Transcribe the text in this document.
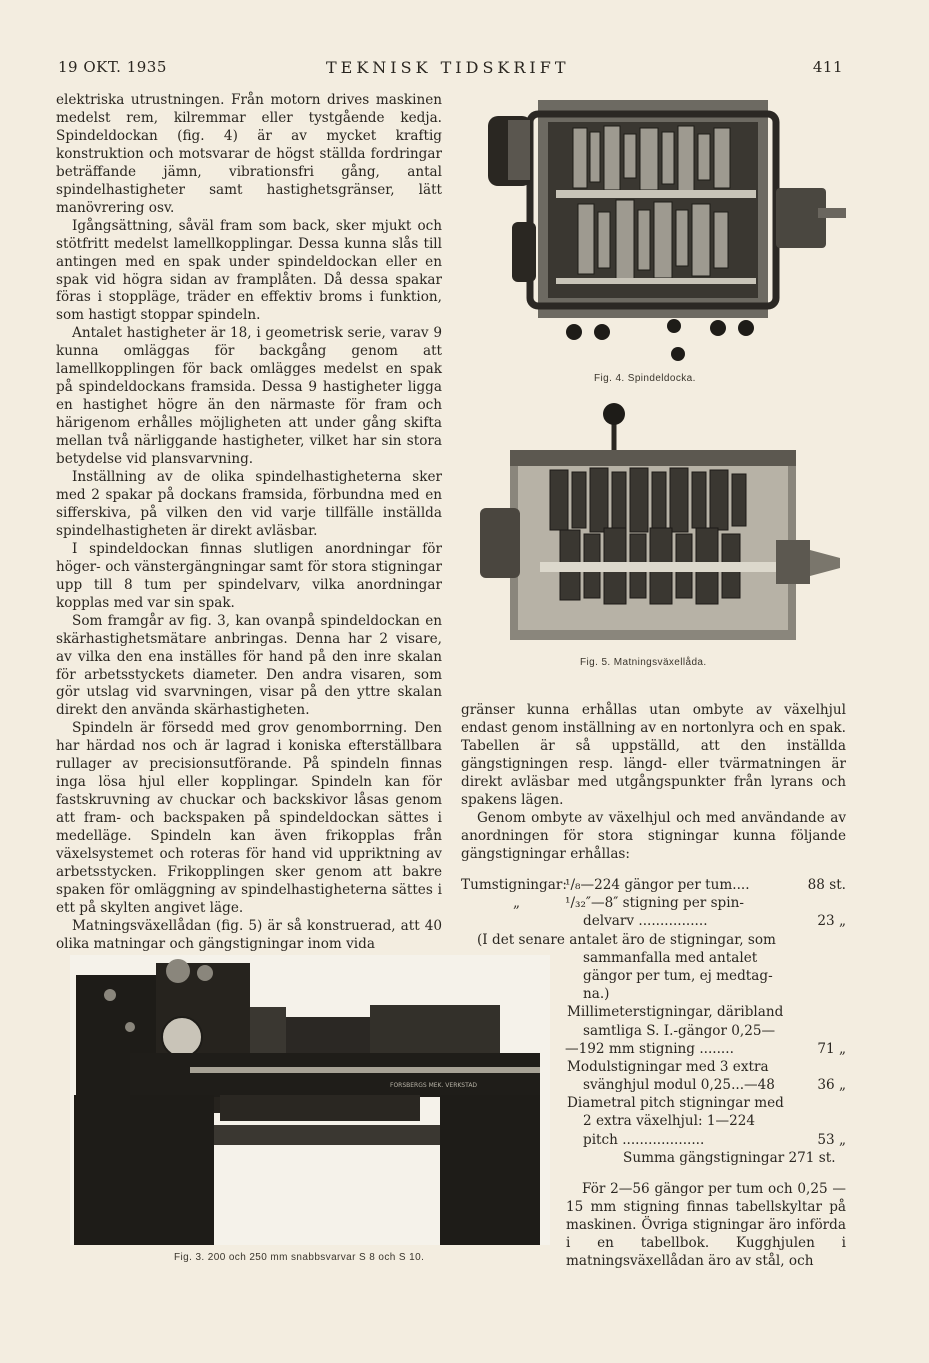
19 OKT. 1935	TEKNISK TIDSKRIFT	411

elektriska utrustningen. Från motorn drives maskinen medelst rem, kilremmar eller tystgående kedja. Spindeldockan (fig. 4) är av mycket kraftig konstruktion och motsvarar de högst ställda fordringar beträffande jämn, vibrationsfri gång, antal spindelhastigheter samt hastighetsgränser, lätt manövrering osv.

Igångsättning, såväl fram som back, sker mjukt och stötfritt medelst lamellkopplingar. Dessa kunna slås till antingen med en spak under spindeldockan eller en spak vid högra sidan av framplåten. Då dessa spakar föras i stoppläge, träder en effektiv broms i funktion, som hastigt stoppar spindeln.

Antalet hastigheter är 18, i geometrisk serie, varav 9 kunna omläggas för backgång genom att lamellkopplingen för back omlägges medelst en spak på spindeldockans framsida. Dessa 9 hastigheter ligga en hastighet högre än den närmaste för fram och härigenom erhålles möjligheten att under gång skifta mellan två närliggande hastigheter, vilket har sin stora betydelse vid plansvarvning.

Inställning av de olika spindelhastigheterna sker med 2 spakar på dockans framsida, förbundna med en sifferskiva, på vilken den vid varje tillfälle inställda spindelhastigheten är direkt avläsbar.

I spindeldockan finnas slutligen anordningar för höger- och vänstergängningar samt för stora stigningar upp till 8 tum per spindelvarv, vilka anordningar kopplas med var sin spak.

Som framgår av fig. 3, kan ovanpå spindeldockan en skärhastighetsmätare anbringas. Denna har 2 visare, av vilka den ena inställes för hand på den inre skalan för arbetsstyckets diameter. Den andra visaren, som gör utslag vid svarvningen, visar på den yttre skalan direkt den använda skärhastigheten.

Spindeln är försedd med grov genomborrning. Den har härdad nos och är lagrad i koniska efterställbara rullager av precisionsutförande. På spindeln finnas inga lösa hjul eller kopplingar. Spindeln kan för fastskruvning av chuckar och backskivor låsas genom att fram- och backspaken på spindeldockan sättes i medelläge. Spindeln kan även frikopplas från växelsystemet och roteras för hand vid uppriktning av arbetsstycken. Frikopplingen sker genom att bakre spaken för omläggning av spindelhastigheterna sättes i ett på skylten angivet läge.

Matningsväxellådan (fig. 5) är så konstruerad, att 40 olika matningar och gängstigningar inom vida

Fig. 4. Spindeldocka.
Fig. 5. Matningsväxellåda.

gränser kunna erhållas utan ombyte av växelhjul endast genom inställning av en nortonlyra och en spak. Tabellen är så uppställd, att den inställda gängstigningen resp. längd- eller tvärmatningen är direkt avläsbar med utgångspunkter från lyrans och spakens lägen.

Genom ombyte av växelhjul och med användande av anordningen för stora stigningar kunna följande gängstigningar erhållas:

Tumstigningar:
¹/₈—224 gängor per tum....	88 st.
„	¹/₃₂″—8″ stigning per spin-
delvarv ................	23 „
(I det senare antalet äro de stigningar, som
sammanfalla med antalet
gängor per tum, ej medtag-
na.)
Millimeterstigningar, däribland
samtliga S. I.-gängor 0,25—
—192 mm stigning ........	71 „
Modulstigningar med 3 extra
svänghjul modul 0,25...—48	36 „
Diametral pitch stigningar med
2 extra växelhjul: 1—224
pitch ...................	53 „
Summa gängstigningar 271 st.

För 2—56 gängor per tum och 0,25 —15 mm stigning finnas tabellskyltar på maskinen. Övriga stigningar äro införda i en tabellbok. Kugghjulen i matningsväxellådan äro av stål, och

FORSBERGS MEK. VERKSTAD
Fig. 3. 200 och 250 mm snabbsvarvar S 8 och S 10.
